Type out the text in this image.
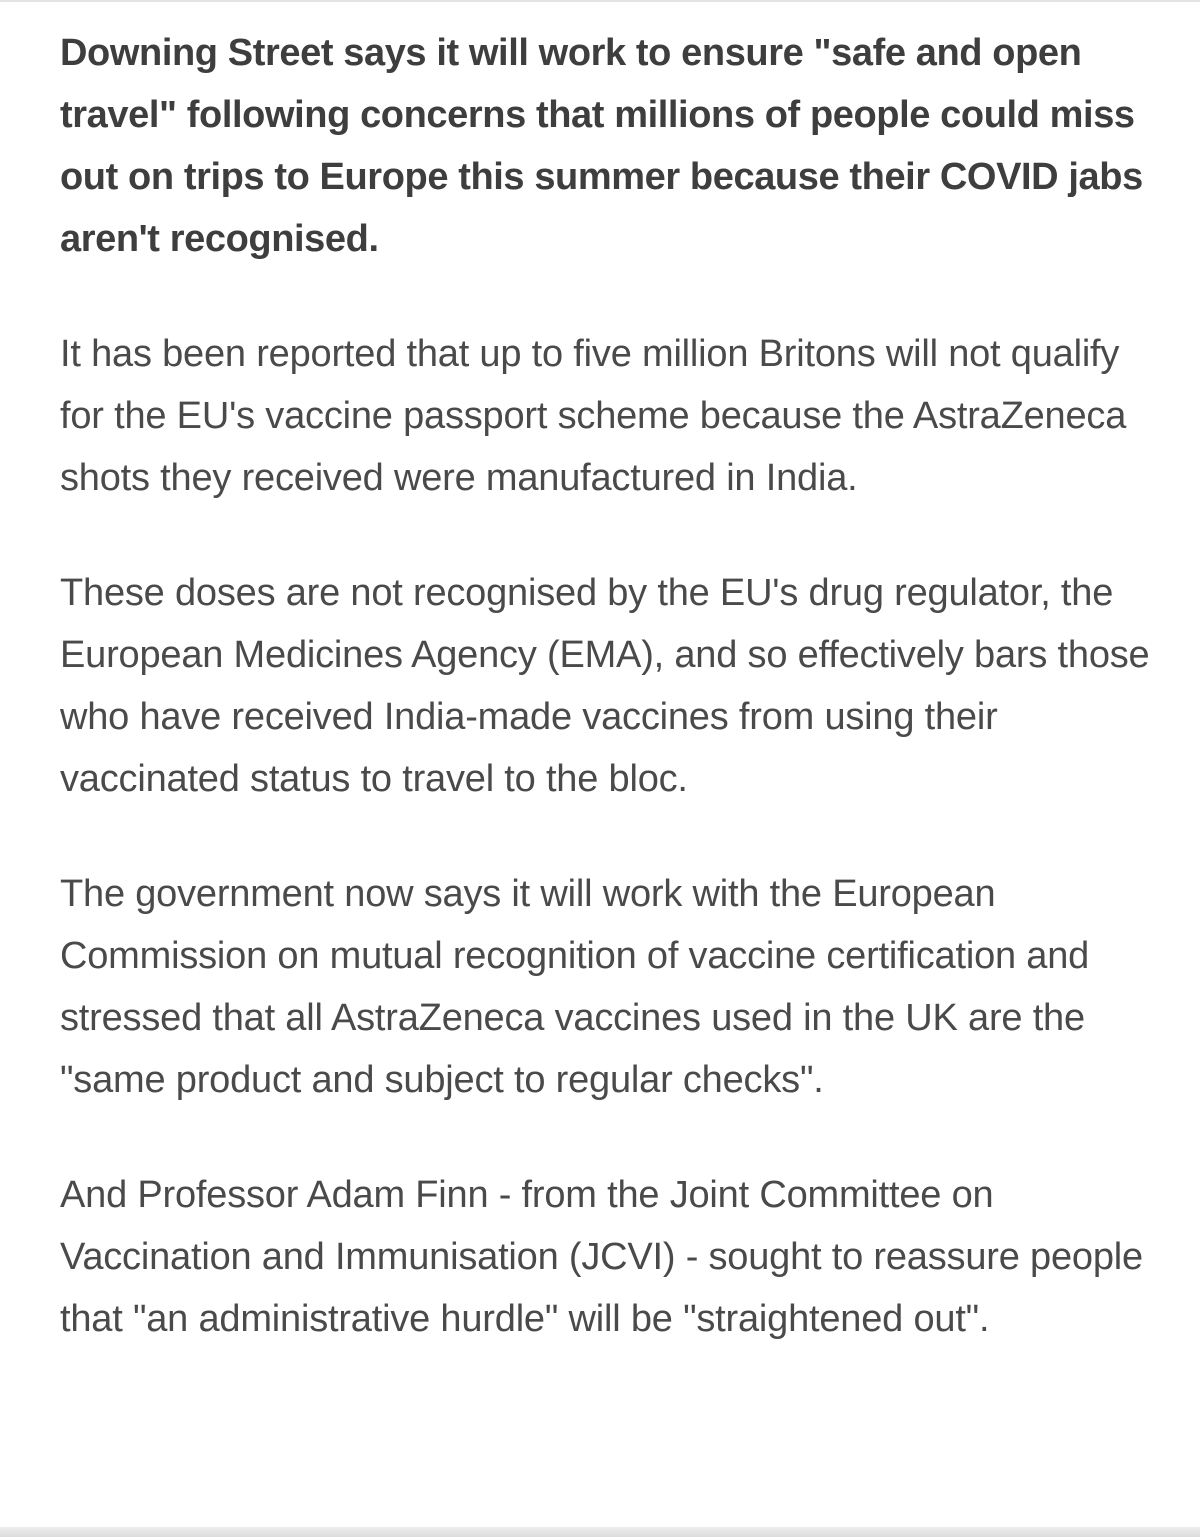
Downing Street says it will work to ensure "safe and open travel" following concerns that millions of people could miss out on trips to Europe this summer because their COVID jabs aren't recognised.

It has been reported that up to five million Britons will not qualify for the EU's vaccine passport scheme because the AstraZeneca shots they received were manufactured in India.

These doses are not recognised by the EU's drug regulator, the European Medicines Agency (EMA), and so effectively bars those who have received India-made vaccines from using their vaccinated status to travel to the bloc.

The government now says it will work with the European Commission on mutual recognition of vaccine certification and stressed that all AstraZeneca vaccines used in the UK are the "same product and subject to regular checks".

And Professor Adam Finn - from the Joint Committee on Vaccination and Immunisation (JCVI) - sought to reassure people that "an administrative hurdle" will be "straightened out".
